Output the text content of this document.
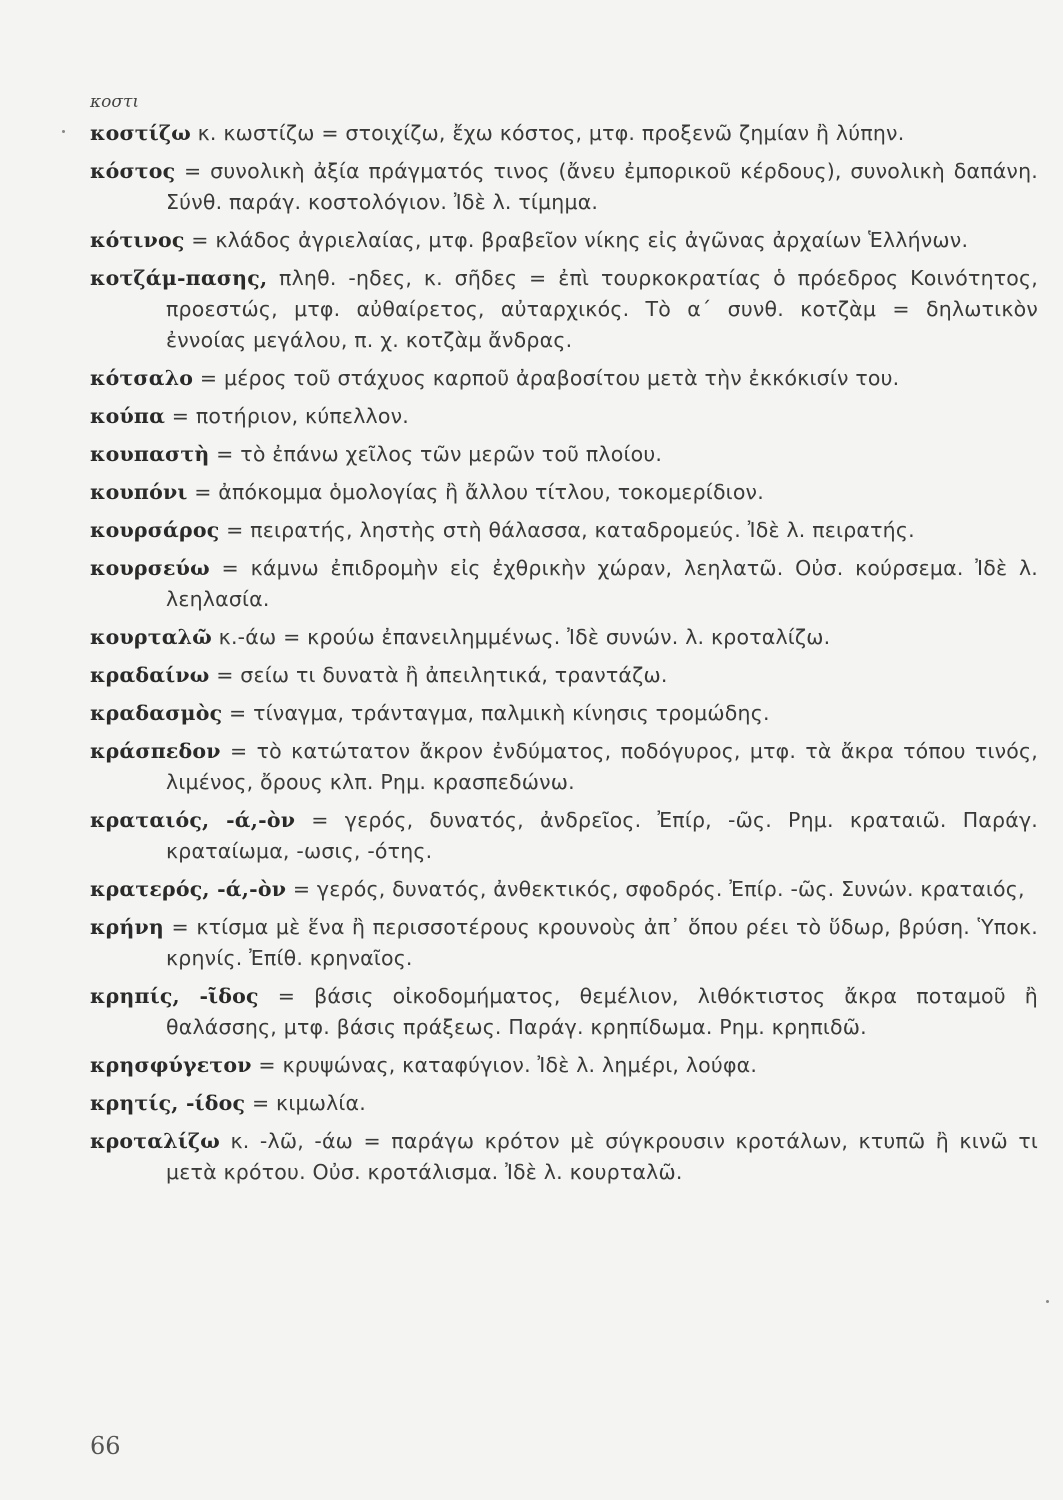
κοστι

κοστίζω κ. κωστίζω = στοιχίζω, ἔχω κόστος, μτφ. προξενῶ ζημίαν ἢ λύπην.

κόστος = συνολικὴ ἀξία πράγματός τινος (ἄνευ ἐμπορικοῦ κέρδους), συνολικὴ δαπάνη. Σύνθ. παράγ. κοστολόγιον. Ἰδὲ λ. τίμημα.

κότινος = κλάδος ἀγριελαίας, μτφ. βραβεῖον νίκης εἰς ἀγῶνας ἀρχαίων Ἑλλήνων.

κοτζάμ-πασης, πληθ. -ηδες, κ. σῆδες = ἐπὶ τουρκοκρατίας ὁ πρόεδρος Κοινότητος, προεστώς, μτφ. αὐθαίρετος, αὐταρχικός. Τὸ α΄ συνθ. κοτζὰμ = δηλωτικὸν ἐννοίας μεγάλου, π. χ. κοτζὰμ ἄνδρας.

κότσαλο = μέρος τοῦ στάχυος καρποῦ ἀραβοσίτου μετὰ τὴν ἐκκόκισίν του.

κούπα = ποτήριον, κύπελλον.

κουπαστὴ = τὸ ἐπάνω χεῖλος τῶν μερῶν τοῦ πλοίου.

κουπόνι = ἀπόκομμα ὁμολογίας ἢ ἄλλου τίτλου, τοκομερίδιον.

κουρσάρος = πειρατής, ληστὴς στὴ θάλασσα, καταδρομεύς. Ἰδὲ λ. πειρατής.

κουρσεύω = κάμνω ἐπιδρομὴν εἰς ἐχθρικὴν χώραν, λεηλατῶ. Οὐσ. κούρσεμα. Ἰδὲ λ. λεηλασία.

κουρταλῶ κ.-άω = κρούω ἐπανειλημμένως. Ἰδὲ συνών. λ. κροταλίζω.

κραδαίνω = σείω τι δυνατὰ ἢ ἀπειλητικά, τραντάζω.

κραδασμὸς = τίναγμα, τράνταγμα, παλμικὴ κίνησις τρομώδης.

κράσπεδον = τὸ κατώτατον ἄκρον ἐνδύματος, ποδόγυρος, μτφ. τὰ ἄκρα τόπου τινός, λιμένος, ὄρους κλπ. Ρημ. κρασπεδώνω.

κραταιός, -ά,-ὸν = γερός, δυνατός, ἀνδρεῖος. Ἐπίρ, -ῶς. Ρημ. κραταιῶ. Παράγ. κραταίωμα, -ωσις, -ότης.

κρατερός, -ά,-ὸν = γερός, δυνατός, ἀνθεκτικός, σφοδρός. Ἐπίρ. -ῶς. Συνών. κραταιός,

κρήνη = κτίσμα μὲ ἕνα ἢ περισσοτέρους κρουνοὺς ἀπ᾽ ὅπου ρέει τὸ ὕδωρ, βρύση. Ὑποκ. κρηνίς. Ἐπίθ. κρηναῖος.

κρηπίς, -ῖδος = βάσις οἰκοδομήματος, θεμέλιον, λιθόκτιστος ἄκρα ποταμοῦ ἢ θαλάσσης, μτφ. βάσις πράξεως. Παράγ. κρηπίδωμα. Ρημ. κρηπιδῶ.

κρησφύγετον = κρυψώνας, καταφύγιον. Ἰδὲ λ. λημέρι, λούφα.

κρητίς, -ίδος = κιμωλία.

κροταλίζω κ. -λῶ, -άω = παράγω κρότον μὲ σύγκρουσιν κροτάλων, κτυπῶ ἢ κινῶ τι μετὰ κρότου. Οὐσ. κροτάλισμα. Ἰδὲ λ. κουρταλῶ.

66
